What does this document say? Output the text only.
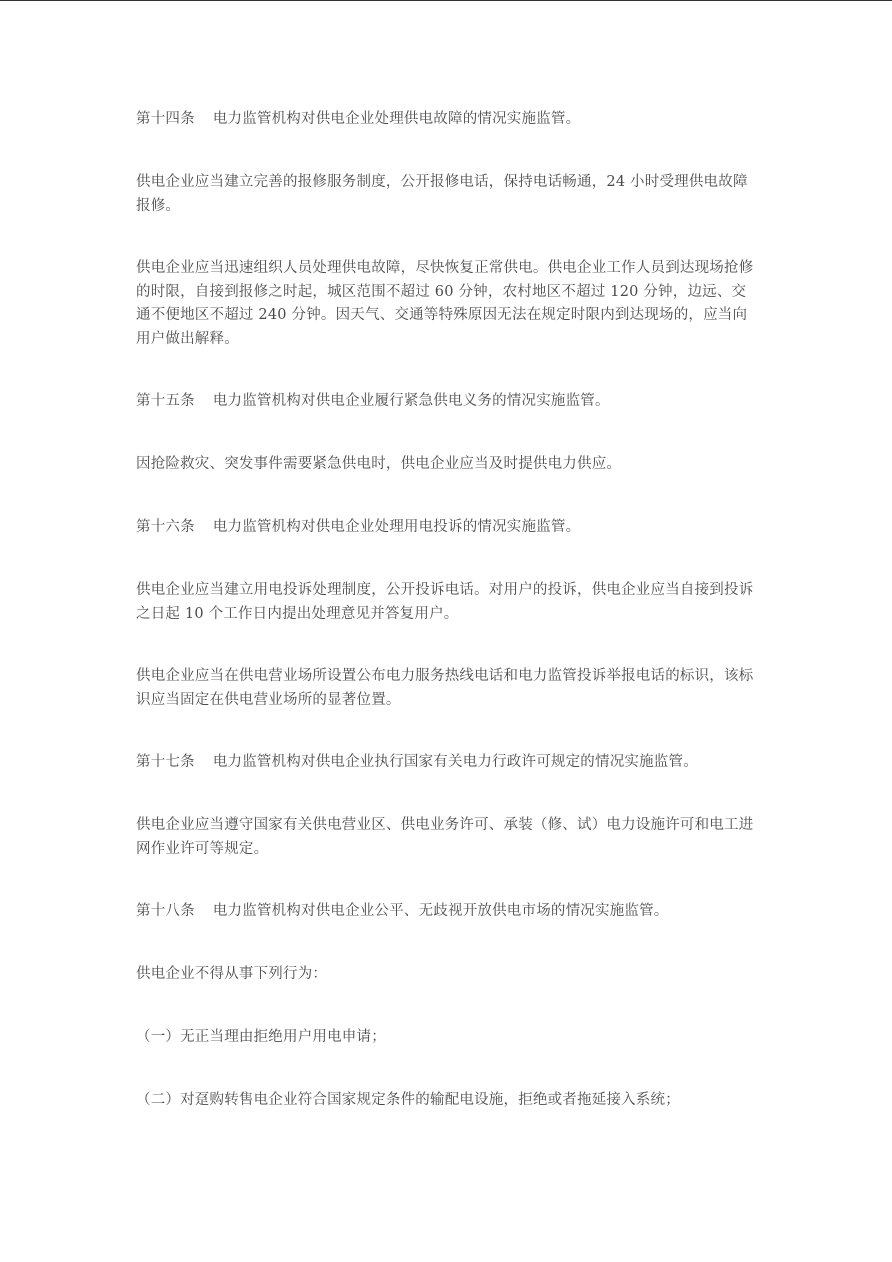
第十四条 电力监管机构对供电企业处理供电故障的情况实施监管。

供电企业应当建立完善的报修服务制度，公开报修电话，保持电话畅通，24 小时受理供电故障报修。

供电企业应当迅速组织人员处理供电故障，尽快恢复正常供电。供电企业工作人员到达现场抢修的时限，自接到报修之时起，城区范围不超过 60 分钟，农村地区不超过 120 分钟，边远、交通不便地区不超过 240 分钟。因天气、交通等特殊原因无法在规定时限内到达现场的，应当向用户做出解释。

第十五条 电力监管机构对供电企业履行紧急供电义务的情况实施监管。

因抢险救灾、突发事件需要紧急供电时，供电企业应当及时提供电力供应。

第十六条 电力监管机构对供电企业处理用电投诉的情况实施监管。

供电企业应当建立用电投诉处理制度，公开投诉电话。对用户的投诉，供电企业应当自接到投诉之日起 10 个工作日内提出处理意见并答复用户。

供电企业应当在供电营业场所设置公布电力服务热线电话和电力监管投诉举报电话的标识，该标识应当固定在供电营业场所的显著位置。

第十七条 电力监管机构对供电企业执行国家有关电力行政许可规定的情况实施监管。

供电企业应当遵守国家有关供电营业区、供电业务许可、承装（修、试）电力设施许可和电工进网作业许可等规定。

第十八条 电力监管机构对供电企业公平、无歧视开放供电市场的情况实施监管。

供电企业不得从事下列行为：

（一）无正当理由拒绝用户用电申请；

（二）对趸购转售电企业符合国家规定条件的输配电设施，拒绝或者拖延接入系统；
